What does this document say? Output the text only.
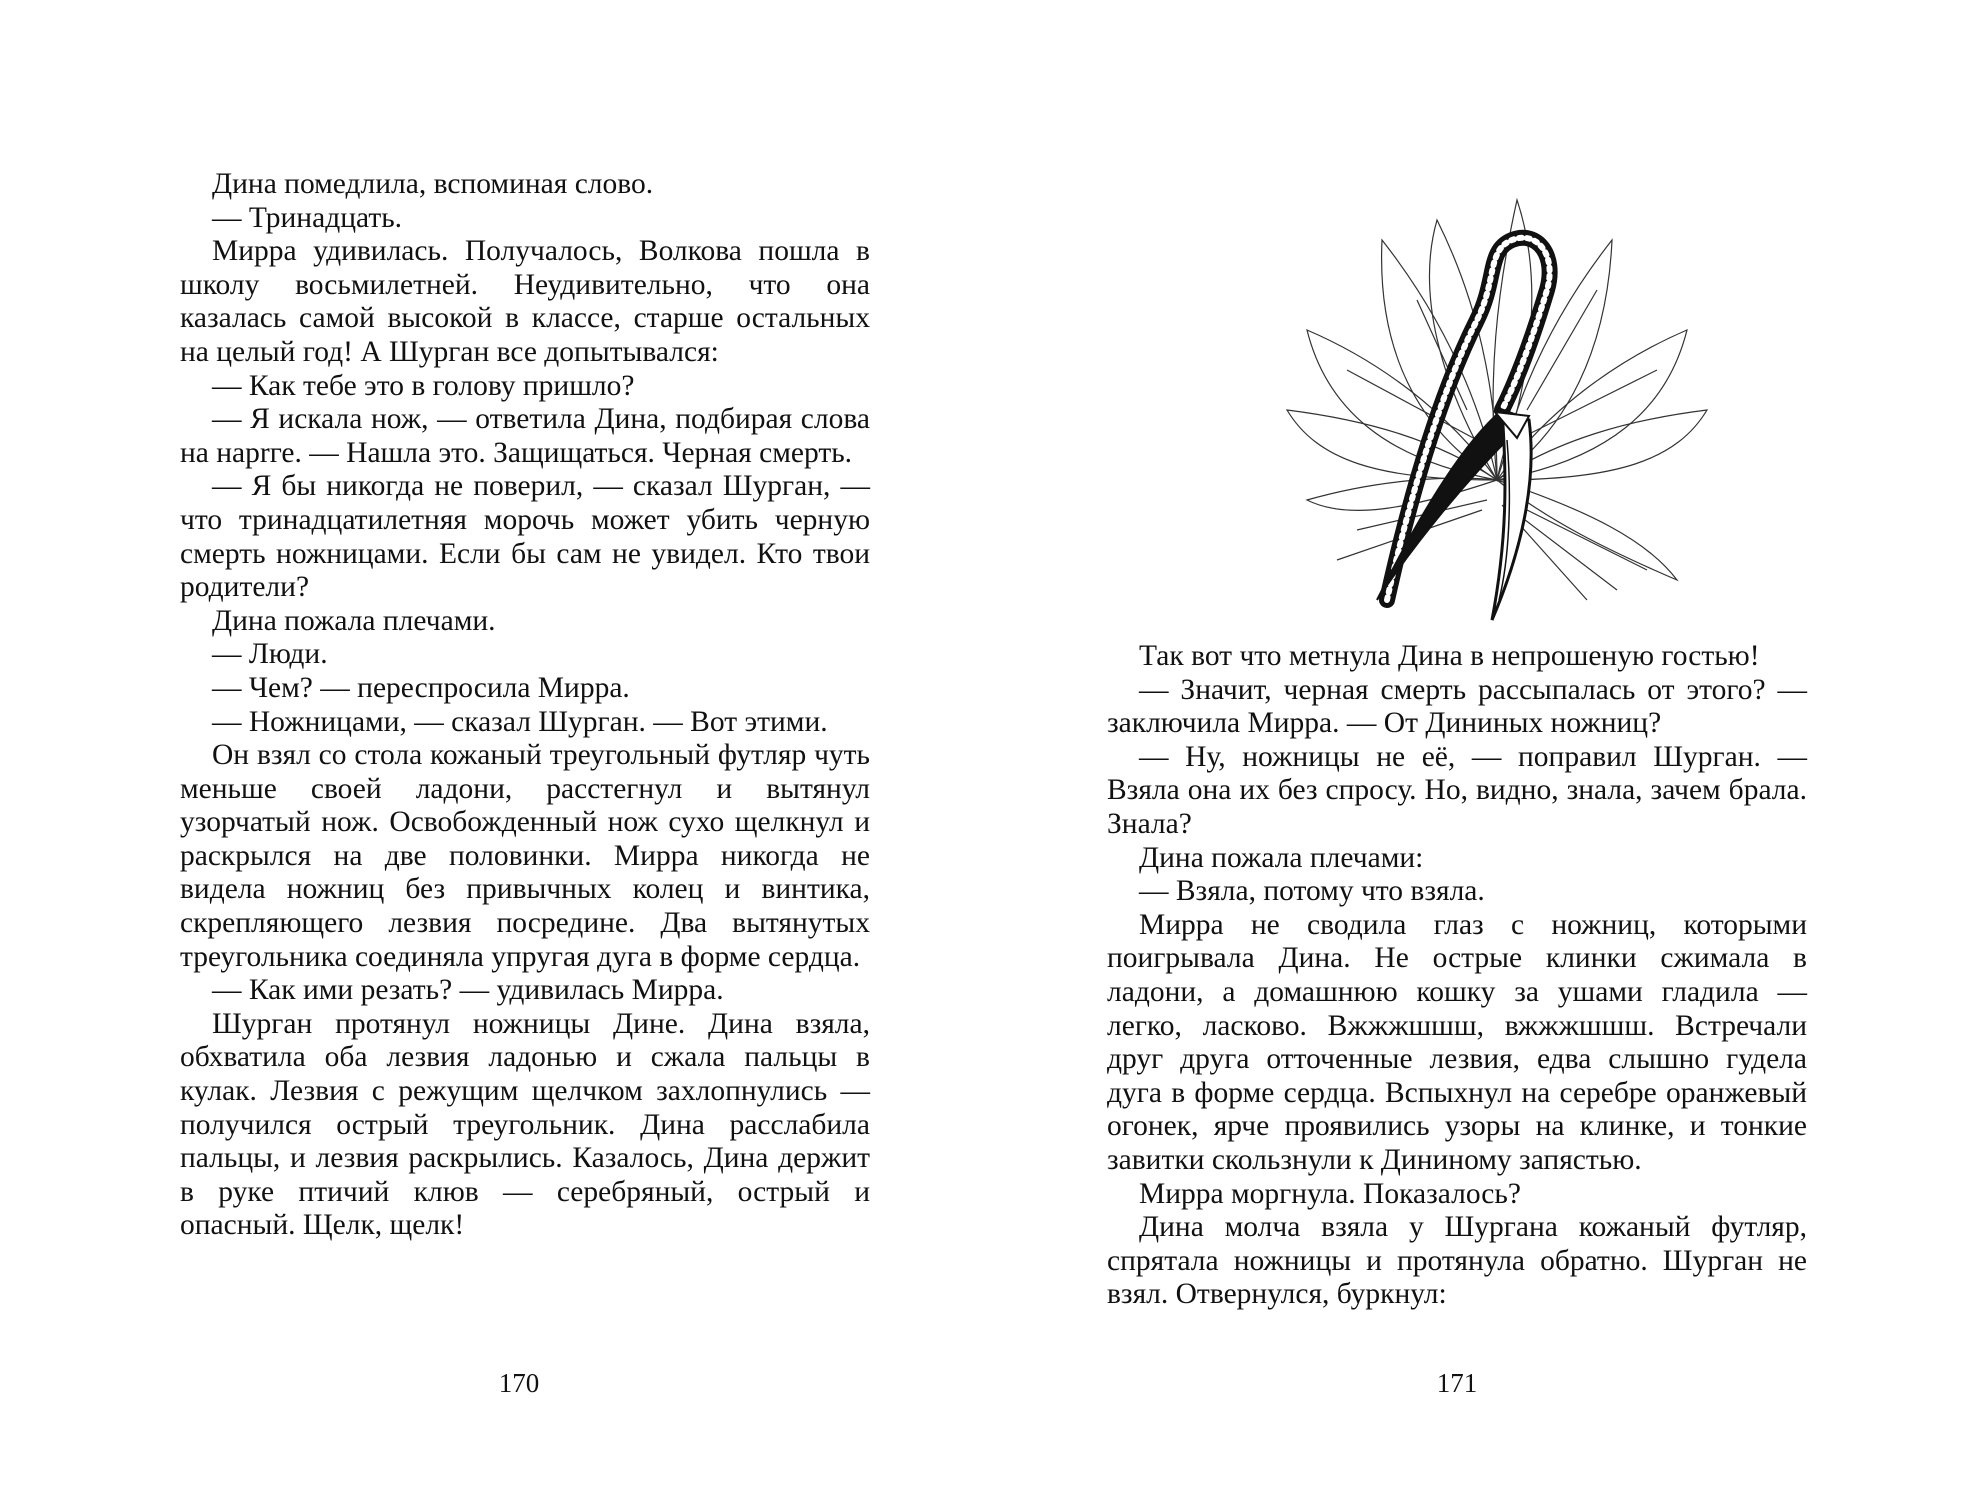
Дина помедлила, вспоминая слово.

— Тринадцать.

Мирра удивилась. Получалось, Волкова пошла в школу восьмилетней. Неудивительно, что она казалась самой высокой в классе, старше остальных на целый год! А Шурган все допытывался:

— Как тебе это в голову пришло?

— Я искала нож, — ответила Дина, подбирая слова на нарrге. — Нашла это. Защищаться. Черная смерть.

— Я бы никогда не поверил, — сказал Шурган, — что тринадцатилетняя морочь может убить черную смерть ножницами. Если бы сам не увидел. Кто твои родители?

Дина пожала плечами.

— Люди.

— Чем? — переспросила Мирра.

— Ножницами, — сказал Шурган. — Вот этими.

Он взял со стола кожаный треугольный футляр чуть меньше своей ладони, расстегнул и вытянул узорчатый нож. Освобожденный нож сухо щелкнул и раскрылся на две половинки. Мирра никогда не видела ножниц без привычных колец и винтика, скрепляющего лезвия посредине. Два вытянутых треугольника соединяла упругая дуга в форме сердца.

— Как ими резать? — удивилась Мирра.

Шурган протянул ножницы Дине. Дина взяла, обхватила оба лезвия ладонью и сжала пальцы в кулак. Лезвия с режущим щелчком захлопнулись — получился острый треугольник. Дина расслабила пальцы, и лезвия раскрылись. Казалось, Дина держит в руке птичий клюв — серебряный, острый и опасный. Щелк, щелк!

170

Так вот что метнула Дина в непрошеную гостью!

— Значит, черная смерть рассыпалась от этого? — заключила Мирра. — От Дининых ножниц?

— Ну, ножницы не её, — поправил Шурган. — Взяла она их без спросу. Но, видно, знала, зачем брала. Знала?

Дина пожала плечами:

— Взяла, потому что взяла.

Мирра не сводила глаз с ножниц, которыми поигрывала Дина. Не острые клинки сжимала в ладони, а домашнюю кошку за ушами гладила — легко, ласково. Вжжжшшш, вжжжшшш. Встречали друг друга отточенные лезвия, едва слышно гудела дуга в форме сердца. Вспыхнул на серебре оранжевый огонек, ярче проявились узоры на клинке, и тонкие завитки скользнули к Дининому запястью.

Мирра моргнула. Показалось?

Дина молча взяла у Шургана кожаный футляр, спрятала ножницы и протянула обратно. Шурган не взял. Отвернулся, буркнул:

171
